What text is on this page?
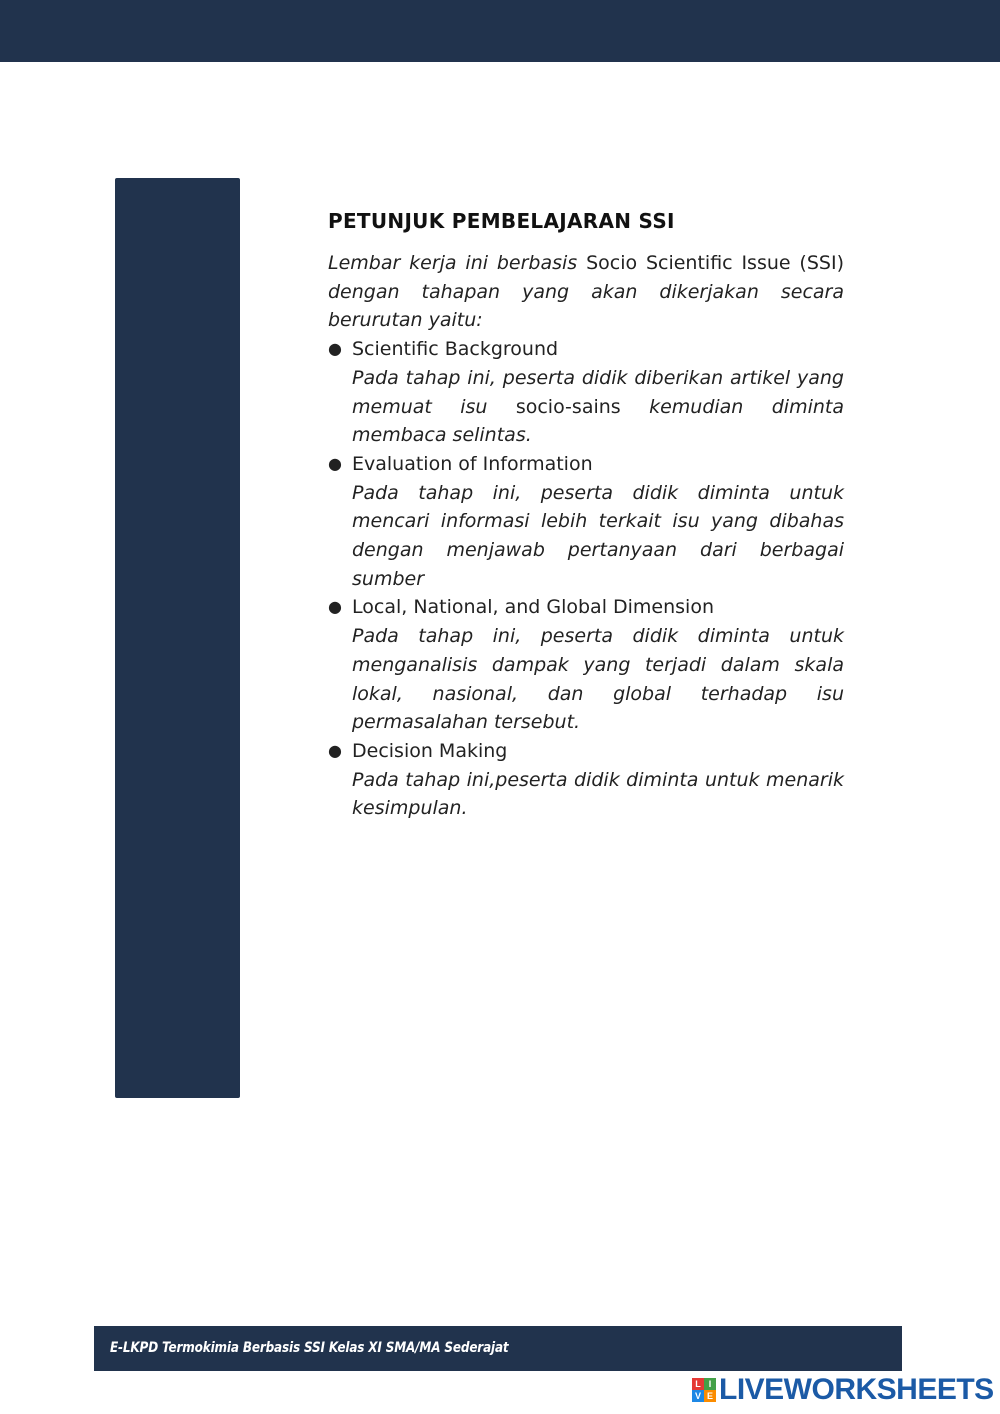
PETUNJUK PEMBELAJARAN SSI

Lembar kerja ini berbasis Socio Scientific Issue (SSI) dengan tahapan yang akan dikerjakan secara berurutan yaitu:

● Scientific Background
Pada tahap ini, peserta didik diberikan artikel yang memuat isu socio-sains kemudian diminta membaca selintas.
● Evaluation of Information
Pada tahap ini, peserta didik diminta untuk mencari informasi lebih terkait isu yang dibahas dengan menjawab pertanyaan dari berbagai sumber
● Local, National, and Global Dimension
Pada tahap ini, peserta didik diminta untuk menganalisis dampak yang terjadi dalam skala lokal, nasional, dan global terhadap isu permasalahan tersebut.
● Decision Making
Pada tahap ini,peserta didik diminta untuk menarik kesimpulan.
E-LKPD Termokimia Berbasis SSI Kelas XI SMA/MA Sederajat
L I
V E LIVEWORKSHEETS
